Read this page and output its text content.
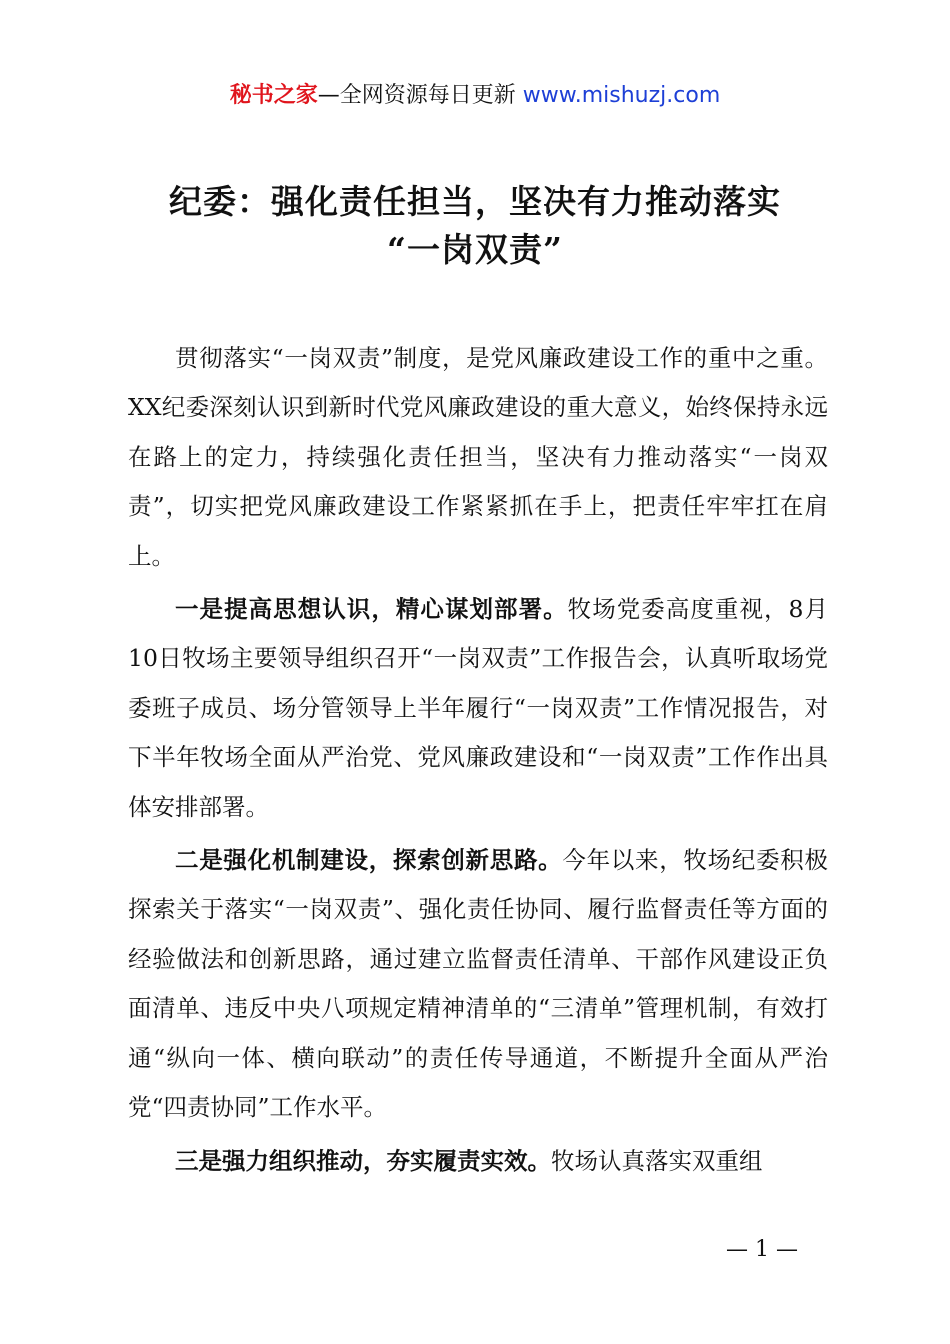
秘书之家—全网资源每日更新 www.mishuzj.com
纪委：强化责任担当，坚决有力推动落实
“一岗双责”

贯彻落实“一岗双责”制度，是党风廉政建设工作的重中之重。XX纪委深刻认识到新时代党风廉政建设的重大意义，始终保持永远在路上的定力，持续强化责任担当，坚决有力推动落实“一岗双责”，切实把党风廉政建设工作紧紧抓在手上，把责任牢牢扛在肩上。

一是提高思想认识，精心谋划部署。牧场党委高度重视，8月10日牧场主要领导组织召开“一岗双责”工作报告会，认真听取场党委班子成员、场分管领导上半年履行“一岗双责”工作情况报告，对下半年牧场全面从严治党、党风廉政建设和“一岗双责”工作作出具体安排部署。

二是强化机制建设，探索创新思路。今年以来，牧场纪委积极探索关于落实“一岗双责”、强化责任协同、履行监督责任等方面的经验做法和创新思路，通过建立监督责任清单、干部作风建设正负面清单、违反中央八项规定精神清单的“三清单”管理机制，有效打通“纵向一体、横向联动”的责任传导通道，不断提升全面从严治党“四责协同”工作水平。

三是强力组织推动，夯实履责实效。牧场认真落实双重组

— 1 —
